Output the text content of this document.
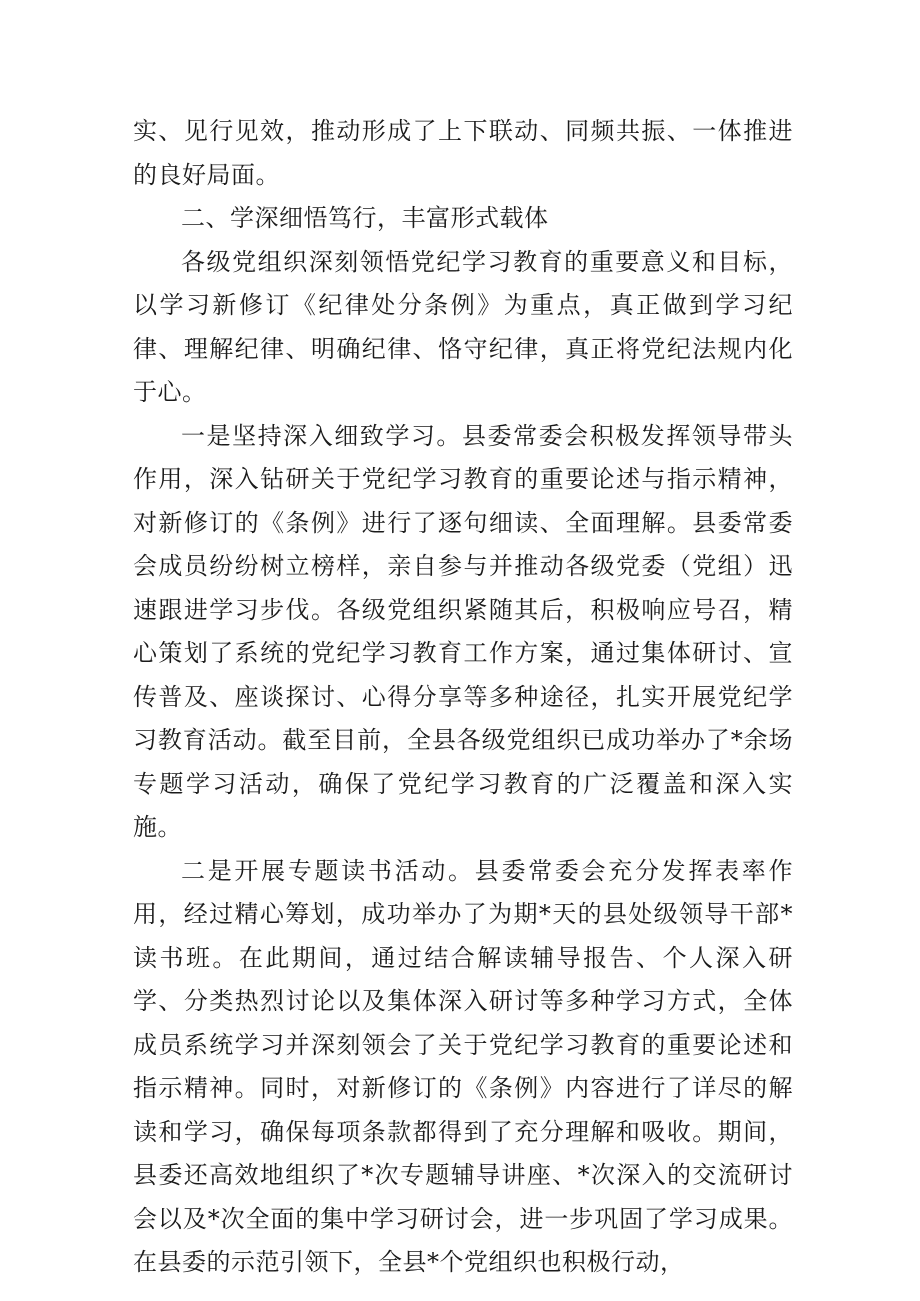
实、见行见效，推动形成了上下联动、同频共振、一体推进的良好局面。

二、学深细悟笃行，丰富形式载体

各级党组织深刻领悟党纪学习教育的重要意义和目标，以学习新修订《纪律处分条例》为重点，真正做到学习纪律、理解纪律、明确纪律、恪守纪律，真正将党纪法规内化于心。

一是坚持深入细致学习。县委常委会积极发挥领导带头作用，深入钻研关于党纪学习教育的重要论述与指示精神，对新修订的《条例》进行了逐句细读、全面理解。县委常委会成员纷纷树立榜样，亲自参与并推动各级党委（党组）迅速跟进学习步伐。各级党组织紧随其后，积极响应号召，精心策划了系统的党纪学习教育工作方案，通过集体研讨、宣传普及、座谈探讨、心得分享等多种途径，扎实开展党纪学习教育活动。截至目前，全县各级党组织已成功举办了*余场专题学习活动，确保了党纪学习教育的广泛覆盖和深入实施。

二是开展专题读书活动。县委常委会充分发挥表率作用，经过精心筹划，成功举办了为期*天的县处级领导干部*读书班。在此期间，通过结合解读辅导报告、个人深入研学、分类热烈讨论以及集体深入研讨等多种学习方式，全体成员系统学习并深刻领会了关于党纪学习教育的重要论述和指示精神。同时，对新修订的《条例》内容进行了详尽的解读和学习，确保每项条款都得到了充分理解和吸收。期间，县委还高效地组织了*次专题辅导讲座、*次深入的交流研讨会以及*次全面的集中学习研讨会，进一步巩固了学习成果。在县委的示范引领下，全县*个党组织也积极行动，
